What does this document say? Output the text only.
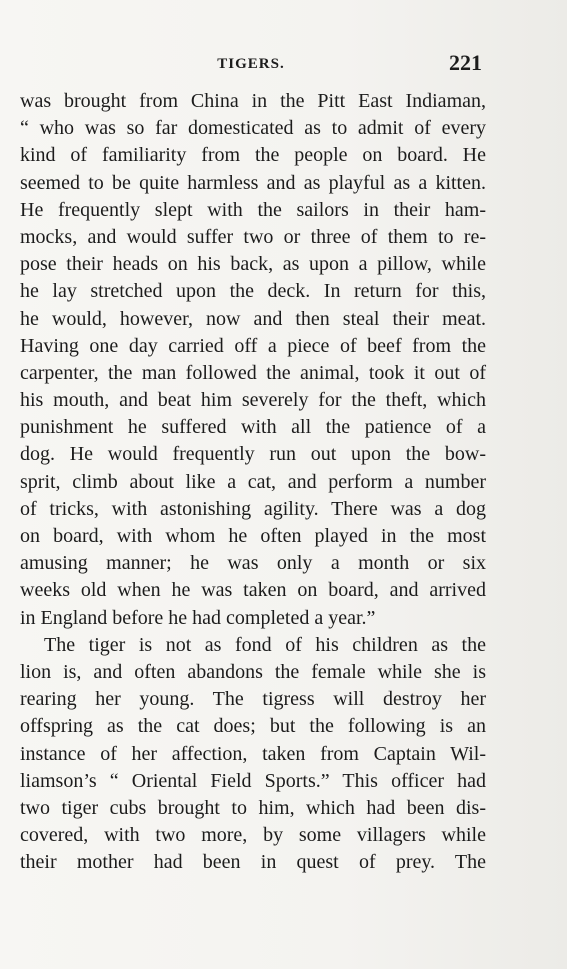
TIGERS.	221
was brought from China in the Pitt East Indiaman,
“ who was so far domesticated as to admit of every
kind of familiarity from the people on board. He
seemed to be quite harmless and as playful as a kitten.
He frequently slept with the sailors in their ham-
mocks, and would suffer two or three of them to re-
pose their heads on his back, as upon a pillow, while
he lay stretched upon the deck. In return for this,
he would, however, now and then steal their meat.
Having one day carried off a piece of beef from the
carpenter, the man followed the animal, took it out of
his mouth, and beat him severely for the theft, which
punishment he suffered with all the patience of a
dog. He would frequently run out upon the bow-
sprit, climb about like a cat, and perform a number
of tricks, with astonishing agility. There was a dog
on board, with whom he often played in the most
amusing manner; he was only a month or six
weeks old when he was taken on board, and arrived
in England before he had completed a year.”
The tiger is not as fond of his children as the
lion is, and often abandons the female while she is
rearing her young. The tigress will destroy her
offspring as the cat does; but the following is an
instance of her affection, taken from Captain Wil-
liamson’s “ Oriental Field Sports.” This officer had
two tiger cubs brought to him, which had been dis-
covered, with two more, by some villagers while
their mother had been in quest of prey. The
